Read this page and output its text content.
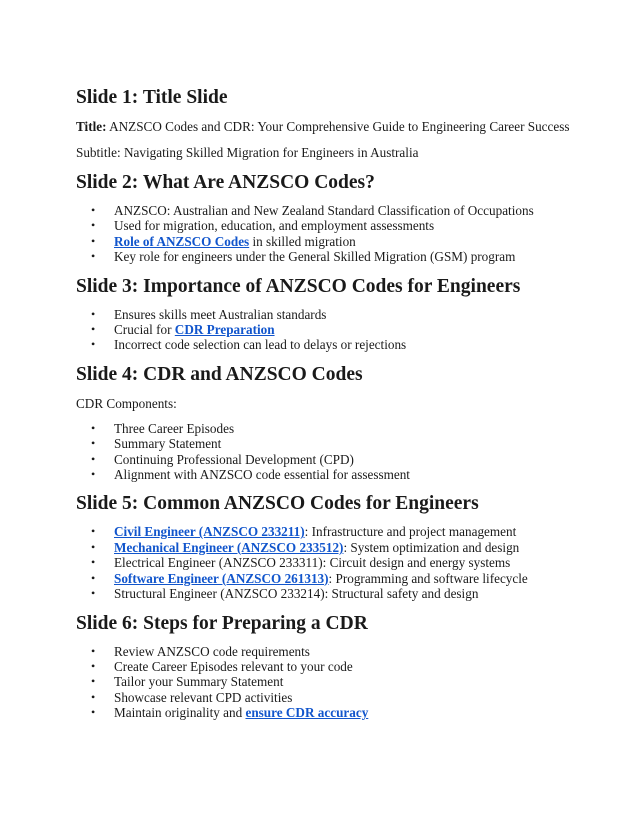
Slide 1: Title Slide

Title: ANZSCO Codes and CDR: Your Comprehensive Guide to Engineering Career Success

Subtitle: Navigating Skilled Migration for Engineers in Australia

Slide 2: What Are ANZSCO Codes?
• ANZSCO: Australian and New Zealand Standard Classification of Occupations
• Used for migration, education, and employment assessments
• Role of ANZSCO Codes in skilled migration
• Key role for engineers under the General Skilled Migration (GSM) program
Slide 3: Importance of ANZSCO Codes for Engineers
• Ensures skills meet Australian standards
• Crucial for CDR Preparation
• Incorrect code selection can lead to delays or rejections
Slide 4: CDR and ANZSCO Codes

CDR Components:

• Three Career Episodes
• Summary Statement
• Continuing Professional Development (CPD)
• Alignment with ANZSCO code essential for assessment
Slide 5: Common ANZSCO Codes for Engineers
• Civil Engineer (ANZSCO 233211): Infrastructure and project management
• Mechanical Engineer (ANZSCO 233512): System optimization and design
• Electrical Engineer (ANZSCO 233311): Circuit design and energy systems
• Software Engineer (ANZSCO 261313): Programming and software lifecycle
• Structural Engineer (ANZSCO 233214): Structural safety and design
Slide 6: Steps for Preparing a CDR
• Review ANZSCO code requirements
• Create Career Episodes relevant to your code
• Tailor your Summary Statement
• Showcase relevant CPD activities
• Maintain originality and ensure CDR accuracy
